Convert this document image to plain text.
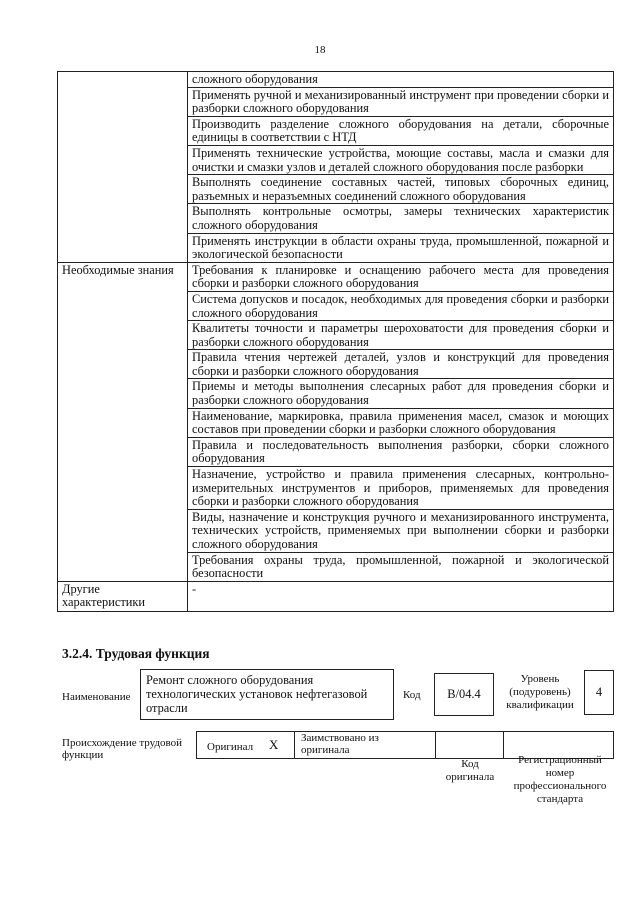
18
	сложного оборудования
	Применять ручной и механизированный инструмент при проведении сборки и разборки сложного оборудования
	Производить разделение сложного оборудования на детали, сборочные единицы в соответствии с НТД
	Применять технические устройства, моющие составы, масла и смазки для очистки и смазки узлов и деталей сложного оборудования после разборки
	Выполнять соединение составных частей, типовых сборочных единиц, разъемных и неразъемных соединений сложного оборудования
	Выполнять контрольные осмотры, замеры технических характеристик сложного оборудования
	Применять инструкции в области охраны труда, промышленной, пожарной и экологической безопасности
Необходимые знания	Требования к планировке и оснащению рабочего места для проведения сборки и разборки сложного оборудования
	Система допусков и посадок, необходимых для проведения сборки и разборки сложного оборудования
	Квалитеты точности и параметры шероховатости для проведения сборки и разборки сложного оборудования
	Правила чтения чертежей деталей, узлов и конструкций для проведения сборки и разборки сложного оборудования
	Приемы и методы выполнения слесарных работ для проведения сборки и разборки сложного оборудования
	Наименование, маркировка, правила применения масел, смазок и моющих составов при проведении сборки и разборки сложного оборудования
	Правила и последовательность выполнения разборки, сборки сложного оборудования
	Назначение, устройство и правила применения слесарных, контрольно-измерительных инструментов и приборов, применяемых для проведения сборки и разборки сложного оборудования
	Виды, назначение и конструкция ручного и механизированного инструмента, технических устройств, применяемых при выполнении сборки и разборки сложного оборудования
	Требования охраны труда, промышленной, пожарной и экологической безопасности
Другие характеристики	-
3.2.4. Трудовая функция
Наименование
Ремонт сложного оборудования технологических установок нефтегазовой отрасли
Код	B/04.4
Уровень (подуровень) квалификации
4
Происхождение трудовой функции
Оригинал Х Заимствовано из оригинала
Код оригинала
Регистрационный номер профессионального стандарта
